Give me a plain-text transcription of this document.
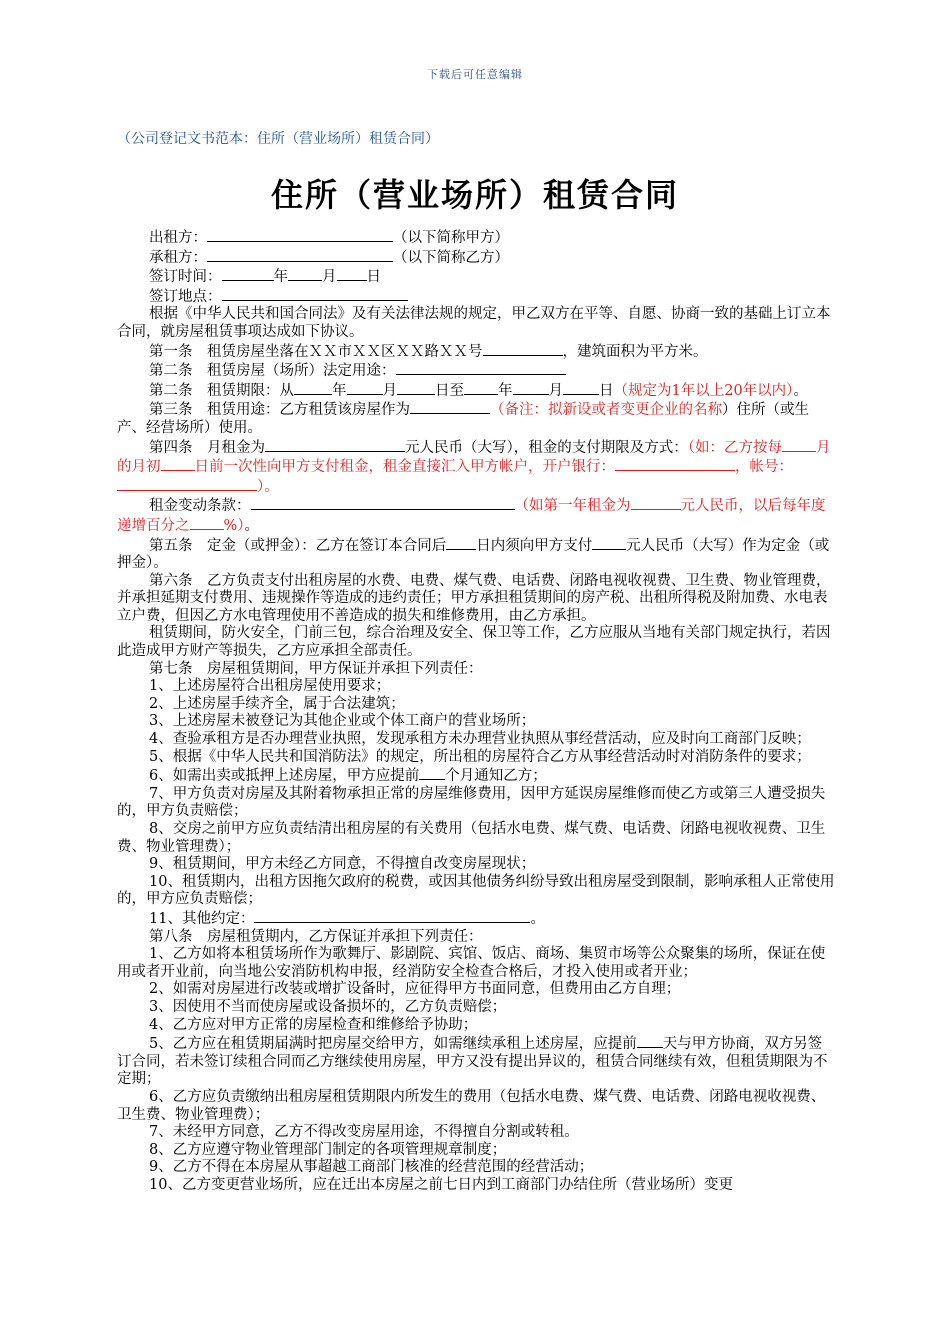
下载后可任意编辑
（公司登记文书范本：住所（营业场所）租赁合同）
住所（营业场所）租赁合同

出租方：	（以下简称甲方）

承租方：	（以下简称乙方）

签订时间：	年 月 日

签订地点：

根据《中华人民共和国合同法》及有关法律法规的规定，甲乙双方在平等、自愿、协商一致的基础上订立本合同，就房屋租赁事项达成如下协议。

第一条　租赁房屋坐落在ＸＸ市ＸＸ区ＸＸ路ＸＸ号	，建筑面积为平方米。

第二条　租赁房屋（场所）法定用途：

第二条　租赁期限：从	年 月	日至 年 月 日（规定为1年以上20年以内）。

第三条　租赁用途：乙方租赁该房屋作为	（备注：拟新设或者变更企业的名称）住所（或生产、经营场所）使用。

第四条　月租金为	元人民币（大写），租金的支付期限及方式：（如：乙方按每 月的月初 日前一次性向甲方支付租金，租金直接汇入甲方帐户，开户银行：	，帐号：）。

租金变动条款：	（如第一年租金为	元人民币，以后每年度递增百分之 %）。

第五条　定金（或押金）：乙方在签订本合同后 日内须向甲方支付 元人民币（大写）作为定金（或押金）。

第六条　乙方负责支付出租房屋的水费、电费、煤气费、电话费、闭路电视收视费、卫生费、物业管理费，并承担延期支付费用、违规操作等造成的违约责任；甲方承担租赁期间的房产税、出租所得税及附加费、水电表立户费，但因乙方水电管理使用不善造成的损失和维修费用，由乙方承担。

租赁期间，防火安全，门前三包，综合治理及安全、保卫等工作，乙方应服从当地有关部门规定执行，若因此造成甲方财产等损失，乙方应承担全部责任。

第七条　房屋租赁期间，甲方保证并承担下列责任：

1、上述房屋符合出租房屋使用要求；

2、上述房屋手续齐全，属于合法建筑；

3、上述房屋未被登记为其他企业或个体工商户的营业场所；

4、查验承租方是否办理营业执照，发现承租方未办理营业执照从事经营活动，应及时向工商部门反映；

5、根据《中华人民共和国消防法》的规定，所出租的房屋符合乙方从事经营活动时对消防条件的要求；

6、如需出卖或抵押上述房屋，甲方应提前 个月通知乙方；

7、甲方负责对房屋及其附着物承担正常的房屋维修费用，因甲方延误房屋维修而使乙方或第三人遭受损失的，甲方负责赔偿；

8、交房之前甲方应负责结清出租房屋的有关费用（包括水电费、煤气费、电话费、闭路电视收视费、卫生费、物业管理费）；

9、租赁期间，甲方未经乙方同意，不得擅自改变房屋现状；

10、租赁期内，出租方因拖欠政府的税费，或因其他债务纠纷导致出租房屋受到限制，影响承租人正常使用的，甲方应负责赔偿；

11、其他约定：	。

第八条　房屋租赁期内，乙方保证并承担下列责任：

1、乙方如将本租赁场所作为歌舞厅、影剧院、宾馆、饭店、商场、集贸市场等公众聚集的场所，保证在使用或者开业前，向当地公安消防机构申报，经消防安全检查合格后，才投入使用或者开业；

2、如需对房屋进行改装或增扩设备时，应征得甲方书面同意，但费用由乙方自理；

3、因使用不当而使房屋或设备损坏的，乙方负责赔偿；

4、乙方应对甲方正常的房屋检查和维修给予协助；

5、乙方应在租赁期届满时把房屋交给甲方，如需继续承租上述房屋，应提前 天与甲方协商，双方另签订合同，若未签订续租合同而乙方继续使用房屋，甲方又没有提出异议的，租赁合同继续有效，但租赁期限为不定期；

6、乙方应负责缴纳出租房屋租赁期限内所发生的费用（包括水电费、煤气费、电话费、闭路电视收视费、卫生费、物业管理费）；

7、未经甲方同意，乙方不得改变房屋用途，不得擅自分割或转租。

8、乙方应遵守物业管理部门制定的各项管理规章制度；

9、乙方不得在本房屋从事超越工商部门核准的经营范围的经营活动；

10、乙方变更营业场所，应在迁出本房屋之前七日内到工商部门办结住所（营业场所）变更
